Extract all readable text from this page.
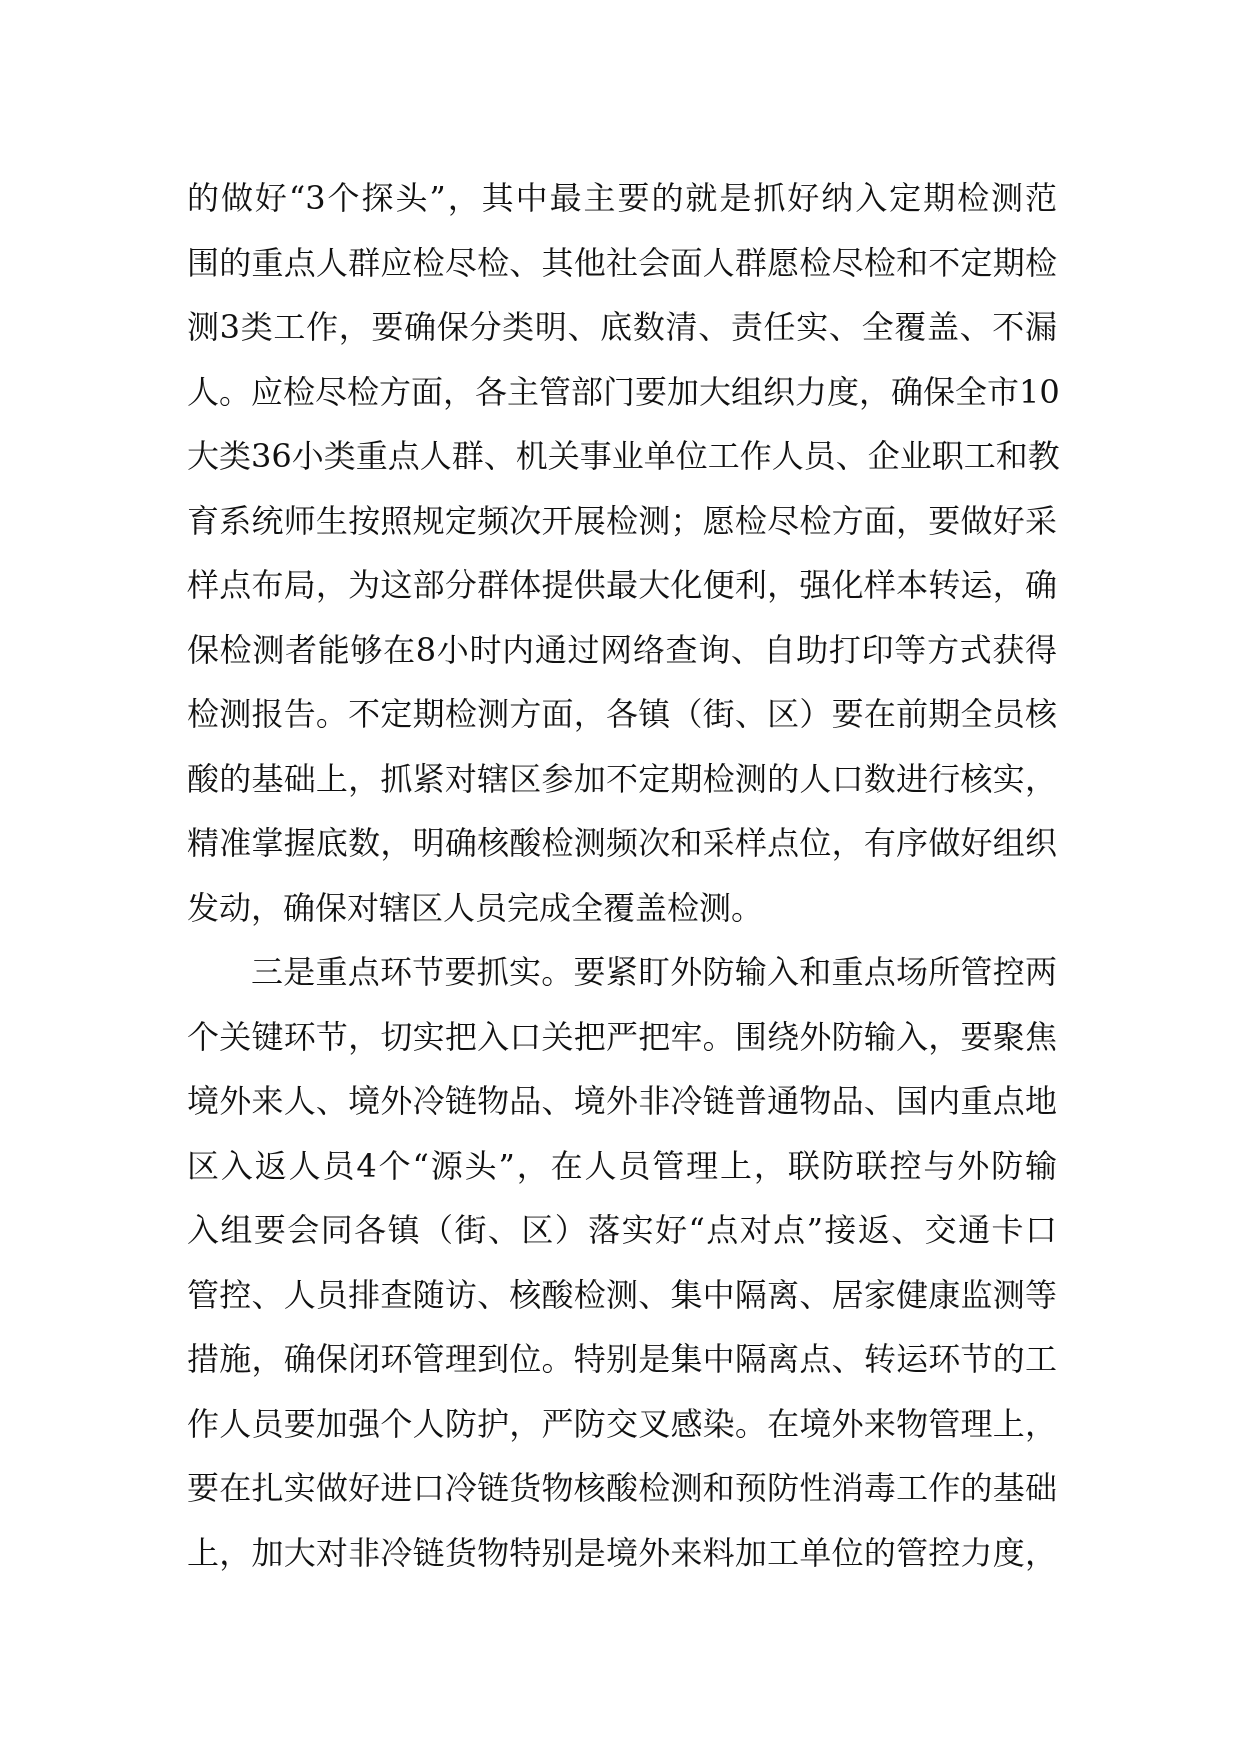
的做好“3个探头”，其中最主要的就是抓好纳入定期检测范
围的重点人群应检尽检、其他社会面人群愿检尽检和不定期检
测3类工作，要确保分类明、底数清、责任实、全覆盖、不漏
人。应检尽检方面，各主管部门要加大组织力度，确保全市10
大类36小类重点人群、机关事业单位工作人员、企业职工和教
育系统师生按照规定频次开展检测；愿检尽检方面，要做好采
样点布局，为这部分群体提供最大化便利，强化样本转运，确
保检测者能够在8小时内通过网络查询、自助打印等方式获得
检测报告。不定期检测方面，各镇（街、区）要在前期全员核
酸的基础上，抓紧对辖区参加不定期检测的人口数进行核实，
精准掌握底数，明确核酸检测频次和采样点位，有序做好组织
发动，确保对辖区人员完成全覆盖检测。
三是重点环节要抓实。要紧盯外防输入和重点场所管控两
个关键环节，切实把入口关把严把牢。围绕外防输入，要聚焦
境外来人、境外冷链物品、境外非冷链普通物品、国内重点地
区入返人员4个“源头”，在人员管理上，联防联控与外防输
入组要会同各镇（街、区）落实好“点对点”接返、交通卡口
管控、人员排查随访、核酸检测、集中隔离、居家健康监测等
措施，确保闭环管理到位。特别是集中隔离点、转运环节的工
作人员要加强个人防护，严防交叉感染。在境外来物管理上，
要在扎实做好进口冷链货物核酸检测和预防性消毒工作的基础
上，加大对非冷链货物特别是境外来料加工单位的管控力度，
